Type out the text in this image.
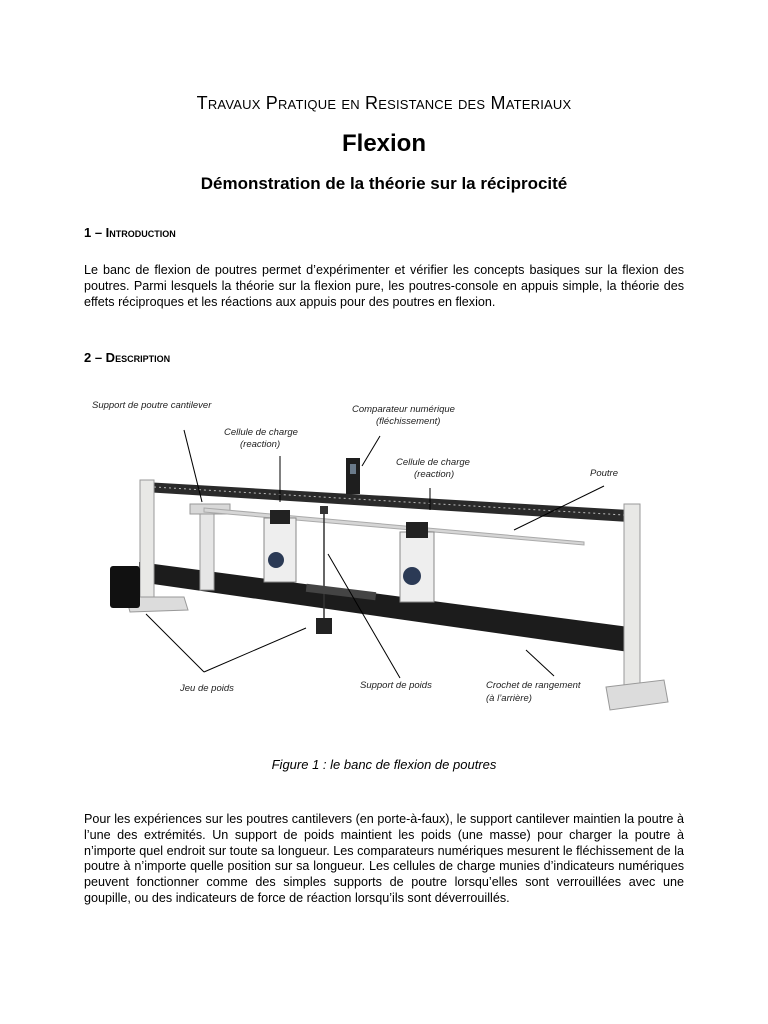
Travaux Pratique en Resistance des Materiaux
Flexion
Démonstration de la théorie sur la réciprocité
1 – Introduction
Le banc de flexion de poutres permet d’expérimenter et vérifier les concepts basiques sur la flexion des poutres. Parmi lesquels la théorie sur la flexion pure, les poutres-console en appuis simple, la théorie des effets réciproques et les réactions aux appuis pour des poutres en flexion.
2 – Description
Support de poutre cantilever
Cellule de charge
(reaction)
Comparateur numérique
(fléchissement)
Cellule de charge
(reaction)	Poutre
Jeu de poids	Support de poids	Crochet de rangement
(à l’arrière)
Figure 1 : le banc de flexion de poutres
Pour les expériences sur les poutres cantilevers (en porte-à-faux), le support cantilever maintien la poutre à l’une des extrémités. Un support de poids maintient les poids (une masse) pour charger la poutre à n’importe quel endroit sur toute sa longueur. Les comparateurs numériques mesurent le fléchissement de la poutre à n’importe quelle position sur sa longueur. Les cellules de charge munies d’indicateurs numériques peuvent fonctionner comme des simples supports de poutre lorsqu’elles sont verrouillées avec une goupille, ou des indicateurs de force de réaction lorsqu’ils sont déverrouillés.
